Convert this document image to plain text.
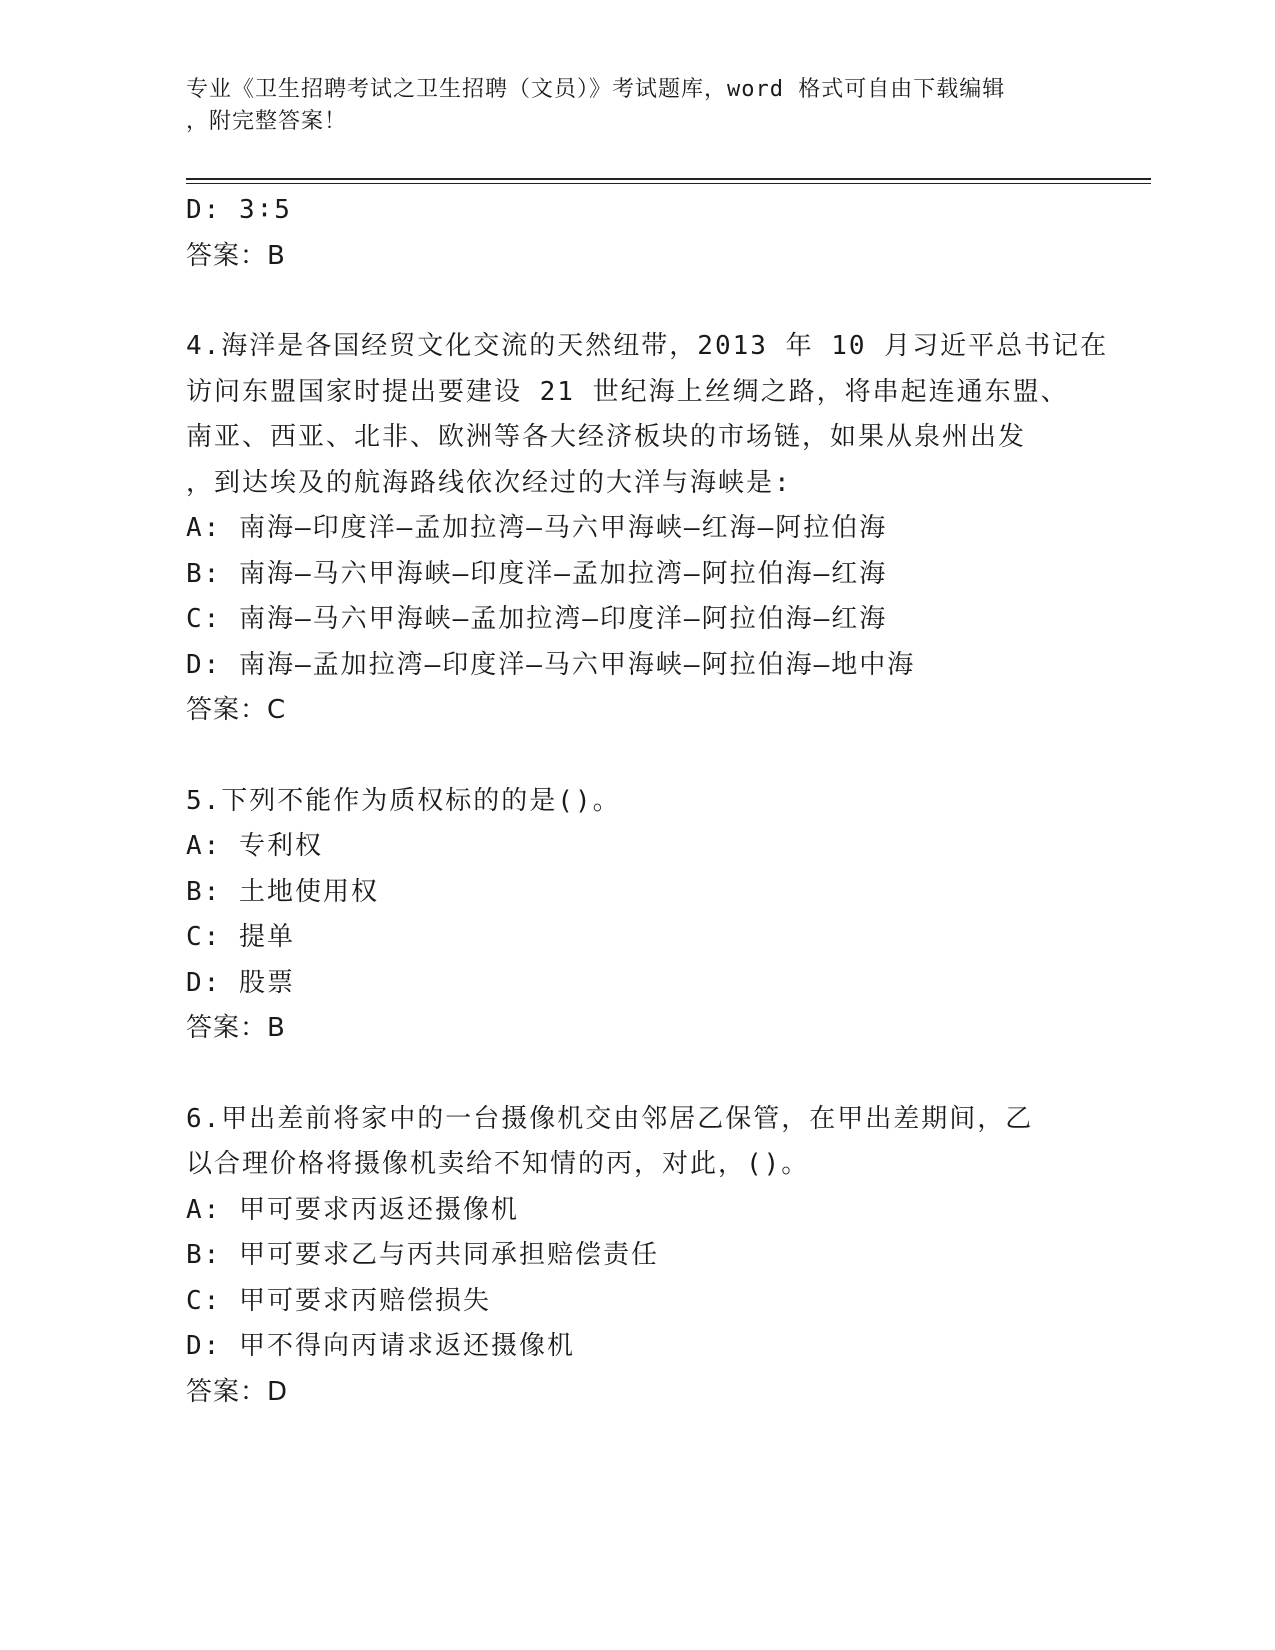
专业《卫生招聘考试之卫生招聘（文员）》考试题库，word 格式可自由下载编辑
，附完整答案！
D: 3∶5
答案：B
4.海洋是各国经贸文化交流的天然纽带，2013 年 10 月习近平总书记在
访问东盟国家时提出要建设 21 世纪海上丝绸之路，将串起连通东盟、
南亚、西亚、北非、欧洲等各大经济板块的市场链，如果从泉州出发
，到达埃及的航海路线依次经过的大洋与海峡是:
A: 南海—印度洋—孟加拉湾—马六甲海峡—红海—阿拉伯海
B: 南海—马六甲海峡—印度洋—孟加拉湾—阿拉伯海—红海
C: 南海—马六甲海峡—孟加拉湾—印度洋—阿拉伯海—红海
D: 南海—孟加拉湾—印度洋—马六甲海峡—阿拉伯海—地中海
答案：C
5.下列不能作为质权标的的是()。
A: 专利权
B: 土地使用权
C: 提单
D: 股票
答案：B
6.甲出差前将家中的一台摄像机交由邻居乙保管，在甲出差期间，乙
以合理价格将摄像机卖给不知情的丙，对此，()。
A: 甲可要求丙返还摄像机
B: 甲可要求乙与丙共同承担赔偿责任
C: 甲可要求丙赔偿损失
D: 甲不得向丙请求返还摄像机
答案：D
